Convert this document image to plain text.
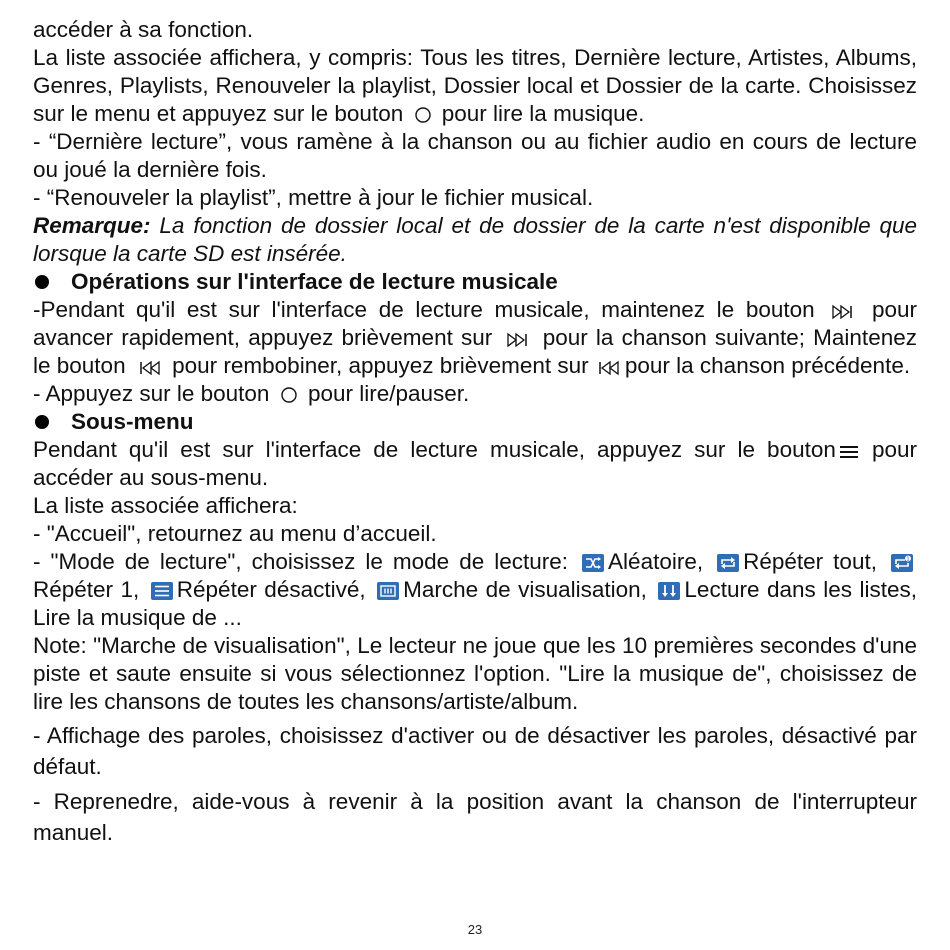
accéder à sa fonction.

La liste associée affichera, y compris: Tous les titres, Dernière lecture, Artistes, Albums, Genres, Playlists, Renouveler la playlist, Dossier local et Dossier de la carte. Choisissez sur le menu et appuyez sur le bouton pour lire la musique.

- “Dernière lecture”, vous ramène à la chanson ou au fichier audio en cours de lecture ou joué la dernière fois.

- “Renouveler la playlist”, mettre à jour le fichier musical.

Remarque: La fonction de dossier local et de dossier de la carte n'est disponible que lorsque la carte SD est insérée.

Opérations sur l'interface de lecture musicale

-Pendant qu'il est sur l'interface de lecture musicale, maintenez le bouton	pour avancer rapidement, appuyez brièvement sur pour la chanson suivante; Maintenez le bouton pour rembobiner, appuyez brièvement sur pour la chanson précédente.

- Appuyez sur le bouton pour lire/pauser.

Sous-menu

Pendant qu'il est sur l'interface de lecture musicale, appuyez sur le bouton pour accéder au sous-menu.

La liste associée affichera:

- "Accueil", retournez au menu d’accueil.

- "Mode de lecture", choisissez le mode de lecture: Aléatoire, Répéter tout,	1
Répéter 1, Répéter désactivé, Marche de visualisation, Lecture dans les listes, Lire la musique de ...

Note: "Marche de visualisation", Le lecteur ne joue que les 10 premières secondes d'une piste et saute ensuite si vous sélectionnez l'option. "Lire la musique de", choisissez de lire les chansons de toutes les chansons/artiste/album.

- Affichage des paroles, choisissez d'activer ou de désactiver les paroles, désactivé par défaut.

- Reprenedre, aide-vous à revenir à la position avant la chanson de l'interrupteur manuel.

23
